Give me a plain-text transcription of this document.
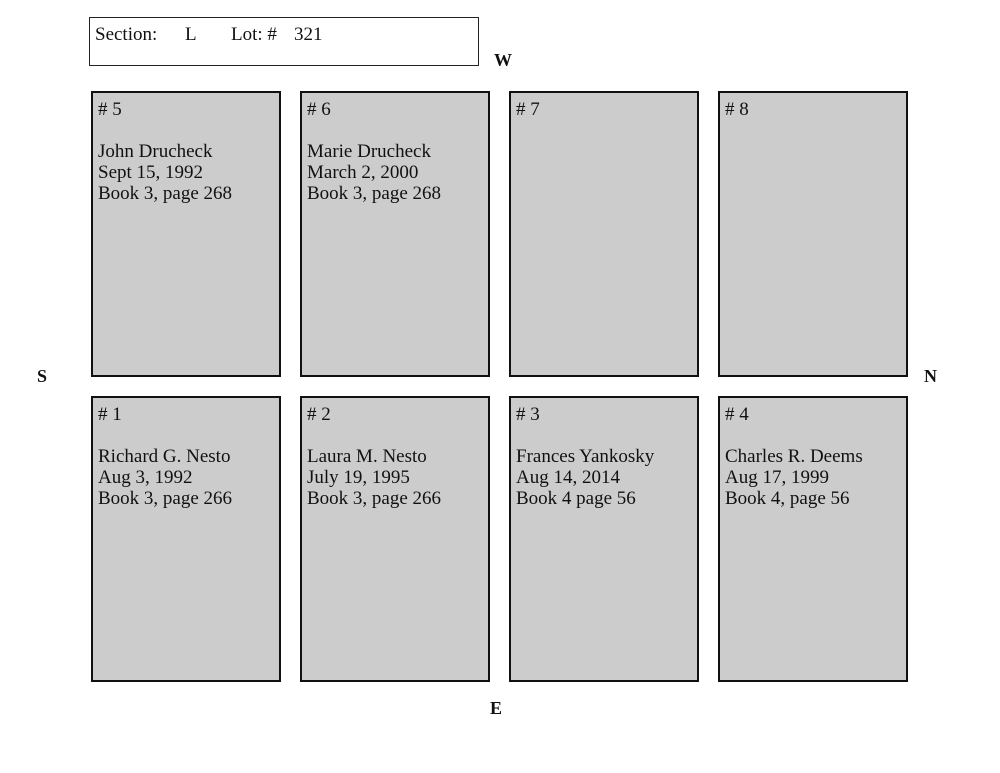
Section: L Lot: # 321
W
E
S	N
# 5
John Drucheck
Sept 15, 1992
Book 3, page 268
# 6
Marie Drucheck
March 2, 2000
Book 3, page 268
# 7	# 8
# 1
Richard G. Nesto
Aug 3, 1992
Book 3, page 266
# 2
Laura M. Nesto
July 19, 1995
Book 3, page 266
# 3
Frances Yankosky
Aug 14, 2014
Book 4 page 56
# 4
Charles R. Deems
Aug 17, 1999
Book 4, page 56
